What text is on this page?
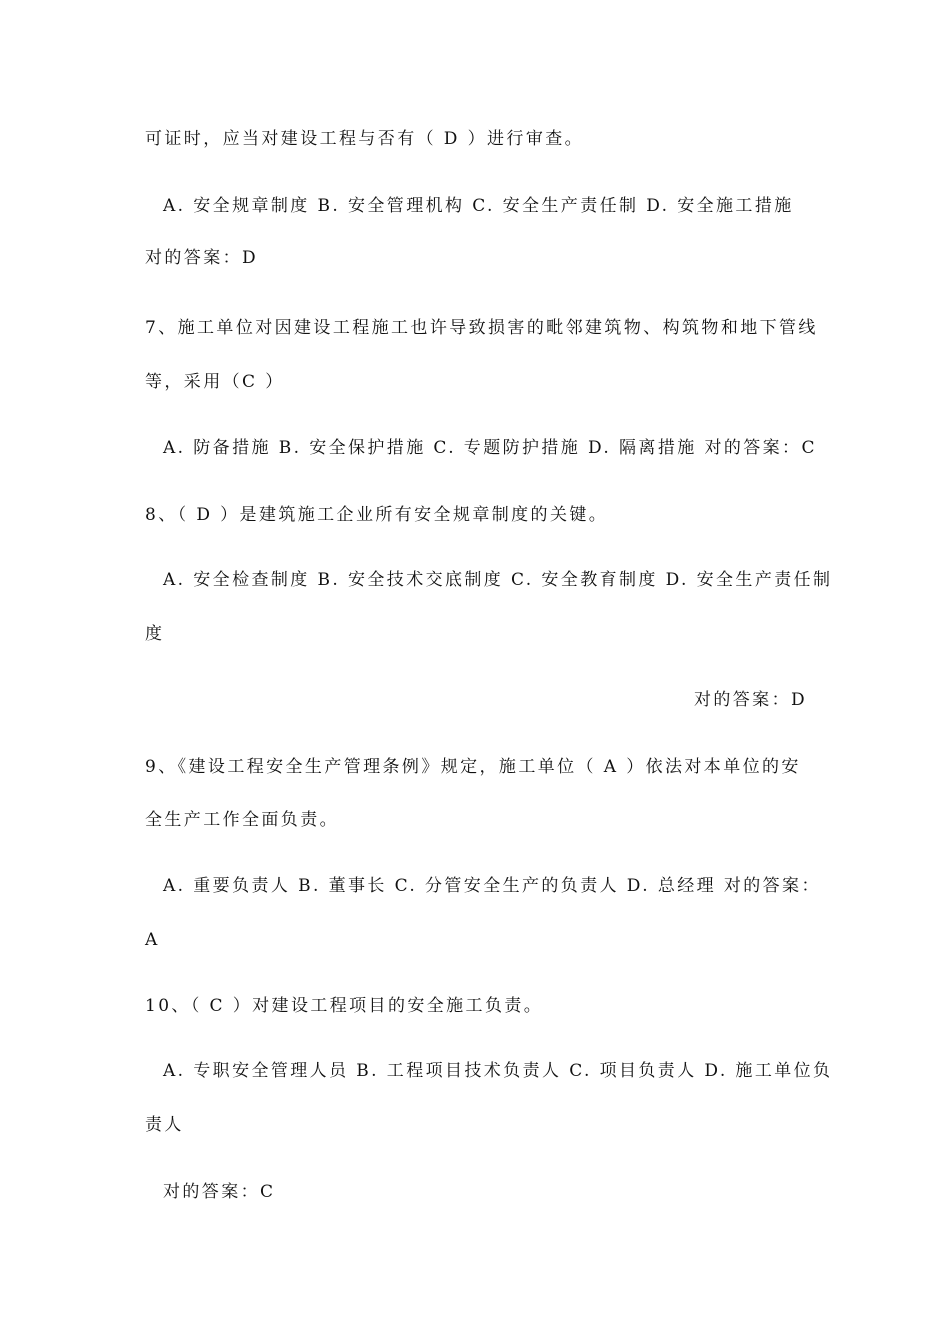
可证时，应当对建设工程与否有（ D ）进行审查。
A. 安全规章制度 B. 安全管理机构 C. 安全生产责任制 D. 安全施工措施
对的答案：D
7、施工单位对因建设工程施工也许导致损害的毗邻建筑物、构筑物和地下管线
等，采用（C ）
A. 防备措施 B. 安全保护措施 C. 专题防护措施 D. 隔离措施 对的答案：C
8、（ D ）是建筑施工企业所有安全规章制度的关键。
A. 安全检查制度 B. 安全技术交底制度 C. 安全教育制度 D. 安全生产责任制
度
对的答案：D
9、《建设工程安全生产管理条例》规定，施工单位（ A ）依法对本单位的安
全生产工作全面负责。
A. 重要负责人 B. 董事长 C. 分管安全生产的负责人 D. 总经理 对的答案：
A
10、（ C ）对建设工程项目的安全施工负责。
A. 专职安全管理人员 B. 工程项目技术负责人 C. 项目负责人 D. 施工单位负
责人
对的答案：C
